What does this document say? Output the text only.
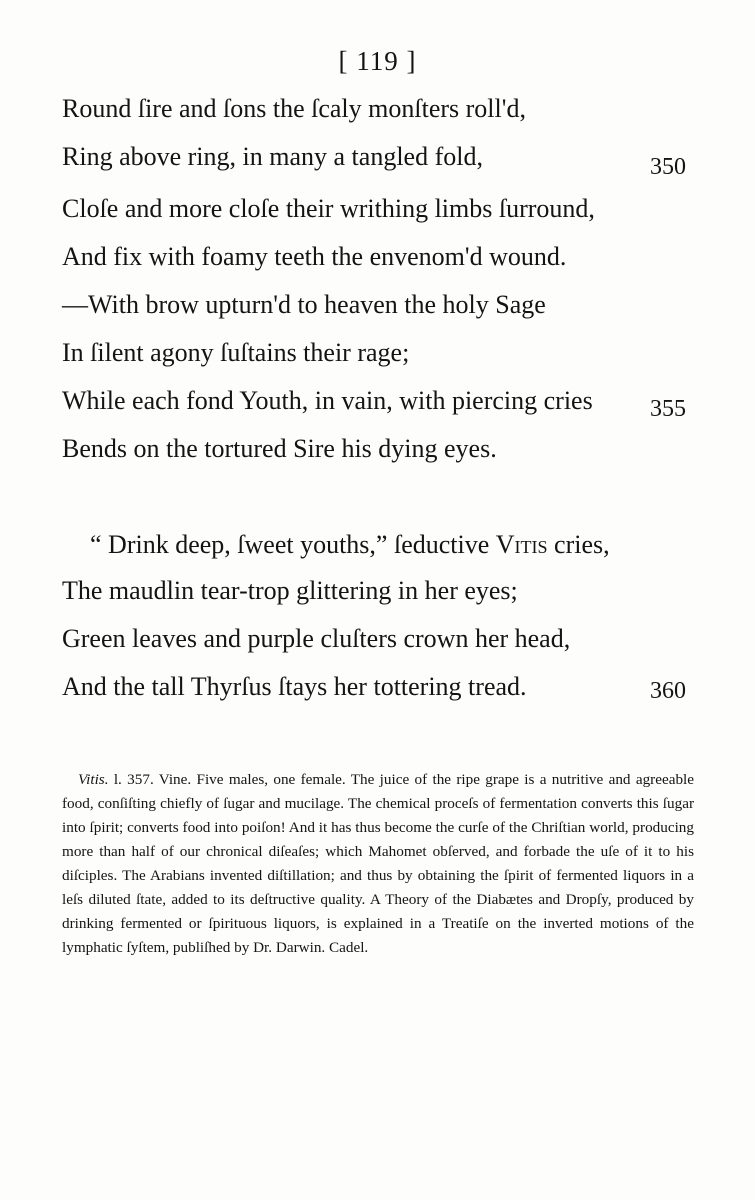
[ 119 ]

Round ſire and ſons the ſcaly monſters roll'd,
Ring above ring, in many a tangled fold,	350
Cloſe and more cloſe their writhing limbs ſurround,
And fix with foamy teeth the envenom'd wound.
—With brow upturn'd to heaven the holy Sage
In ſilent agony ſuſtains their rage;
While each fond Youth, in vain, with piercing cries	355
Bends on the tortured Sire his dying eyes.
“ Drink deep, ſweet youths,” ſeductive Vitis cries,
The maudlin tear-trop glittering in her eyes;
Green leaves and purple cluſters crown her head,
And the tall Thyrſus ſtays her tottering tread.	360

Vitis. l. 357. Vine. Five males, one female. The juice of the ripe grape is a nutritive and agreeable food, conſiſting chiefly of ſugar and mucilage. The chemical proceſs of fermentation converts this ſugar into ſpirit; converts food into poiſon! And it has thus become the curſe of the Chriſtian world, producing more than half of our chronical diſeaſes; which Mahomet obſerved, and forbade the uſe of it to his diſciples. The Arabians invented diſtillation; and thus by obtaining the ſpirit of fermented liquors in a leſs diluted ſtate, added to its deſtructive quality. A Theory of the Diabætes and Dropſy, produced by drinking fermented or ſpirituous liquors, is explained in a Treatiſe on the inverted motions of the lymphatic ſyſtem, publiſhed by Dr. Darwin. Cadel.
